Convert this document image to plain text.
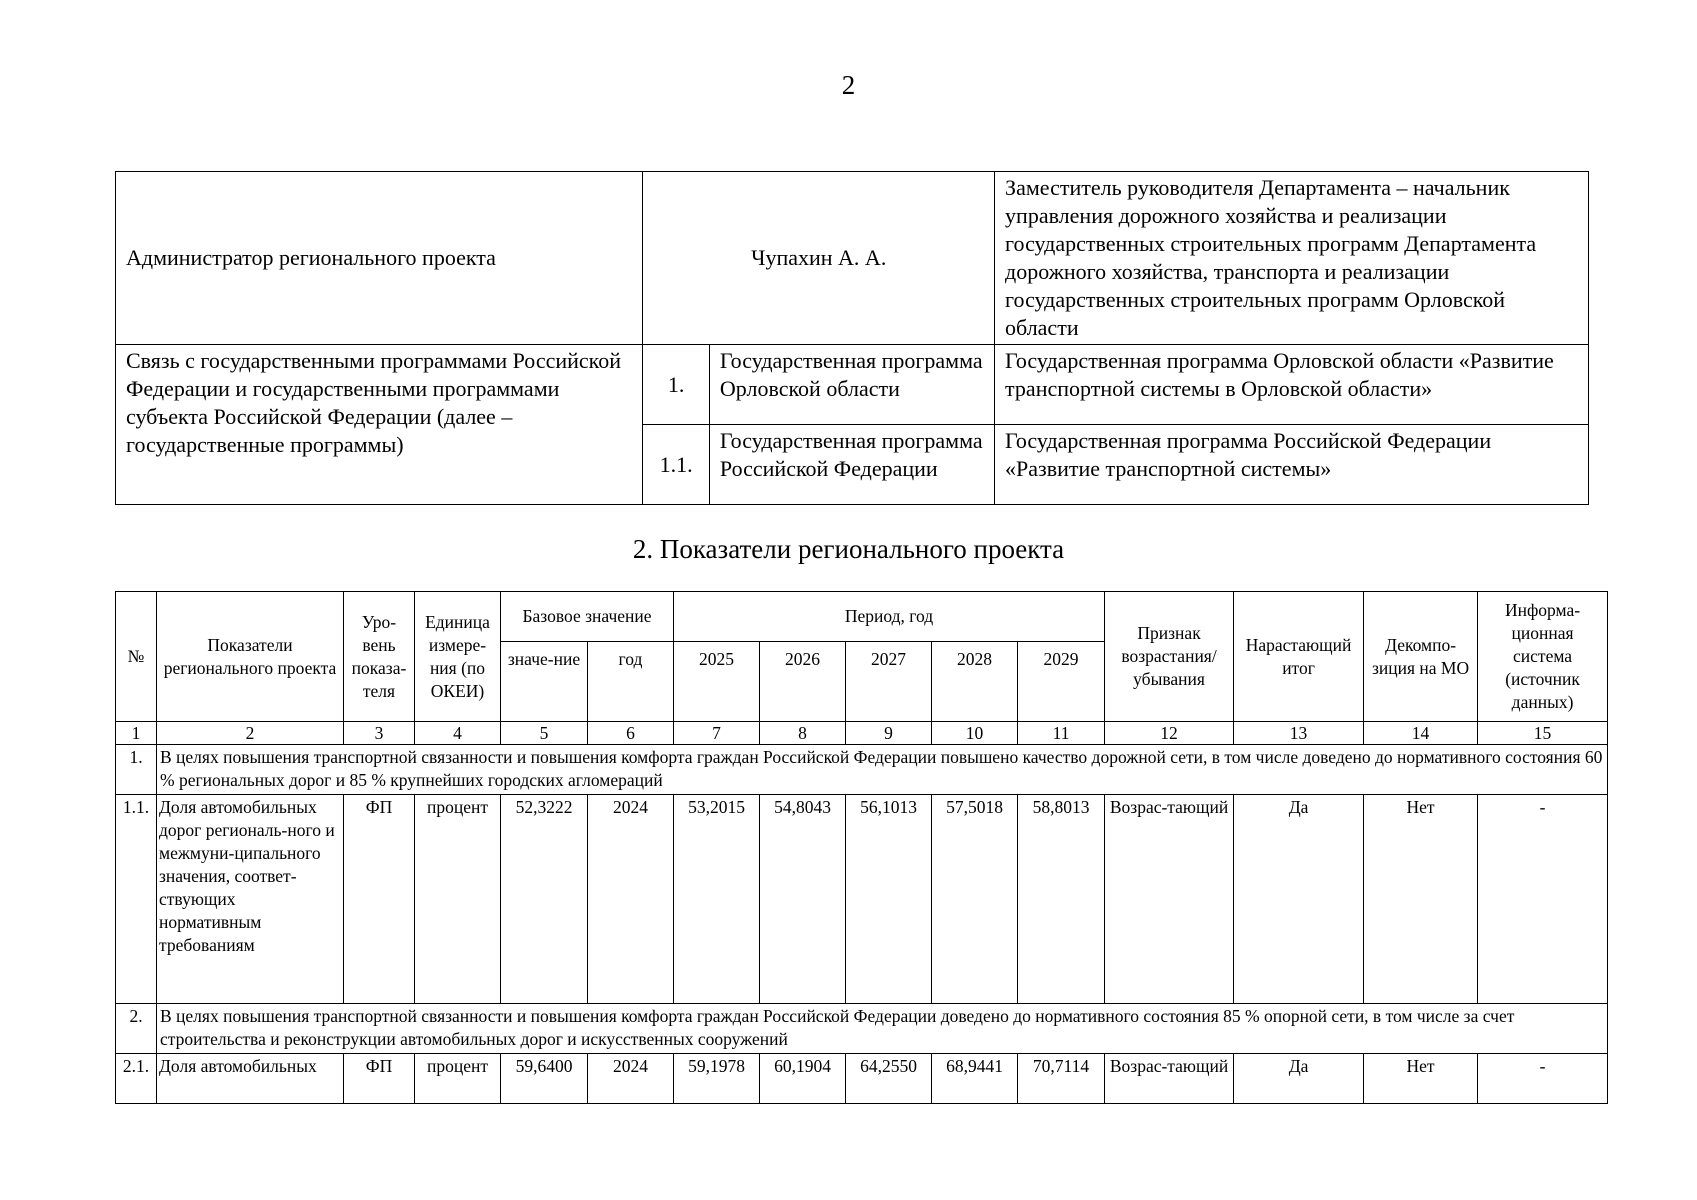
2
Администратор регионального проекта	Чупахин А. А.		Заместитель руководителя Департамента – начальник управления дорожного хозяйства и реализации государственных строительных программ Департамента дорожного хозяйства, транспорта и реализации государственных строительных программ Орловской области
Связь с государственными программами Российской Федерации и государственными программами субъекта Российской Федерации (далее – государственные программы)	1.	Государственная программа Орловской области	Государственная программа Орловской области «Развитие транспортной системы в Орловской области»
	1.1.	Государственная программа Российской Федерации	Государственная программа Российской Федерации «Развитие транспортной системы»
2. Показатели регионального проекта
№	Показатели регионального проекта	Уро-вень показа-теля	Единица измере-ния (по ОКЕИ)	Базовое значение		Период, год					Признак возрастания/ убывания	Нарастающий итог	Декомпо-зиция на МО	Информа-ционная система (источник данных)
				значе-ние	год	2025	2026	2027	2028	2029				
1	2	3	4	5	6	7	8	9	10	11	12	13	14	15
1.	В целях повышения транспортной связанности и повышения комфорта граждан Российской Федерации повышено качество дорожной сети, в том числе доведено до нормативного состояния 60 % региональных дорог и 85 % крупнейших городских агломераций													
1.1.	Доля автомобильных дорог региональ-ного и межмуни-ципального значения, соответ-ствующих нормативным требованиям	ФП	процент	52,3222	2024	53,2015	54,8043	56,1013	57,5018	58,8013	Возрас-тающий	Да	Нет	-
2.	В целях повышения транспортной связанности и повышения комфорта граждан Российской Федерации доведено до нормативного состояния 85 % опорной сети, в том числе за счет строительства и реконструкции автомобильных дорог и искусственных сооружений													
2.1.	Доля автомобильных	ФП	процент	59,6400	2024	59,1978	60,1904	64,2550	68,9441	70,7114	Возрас-тающий	Да	Нет	-
